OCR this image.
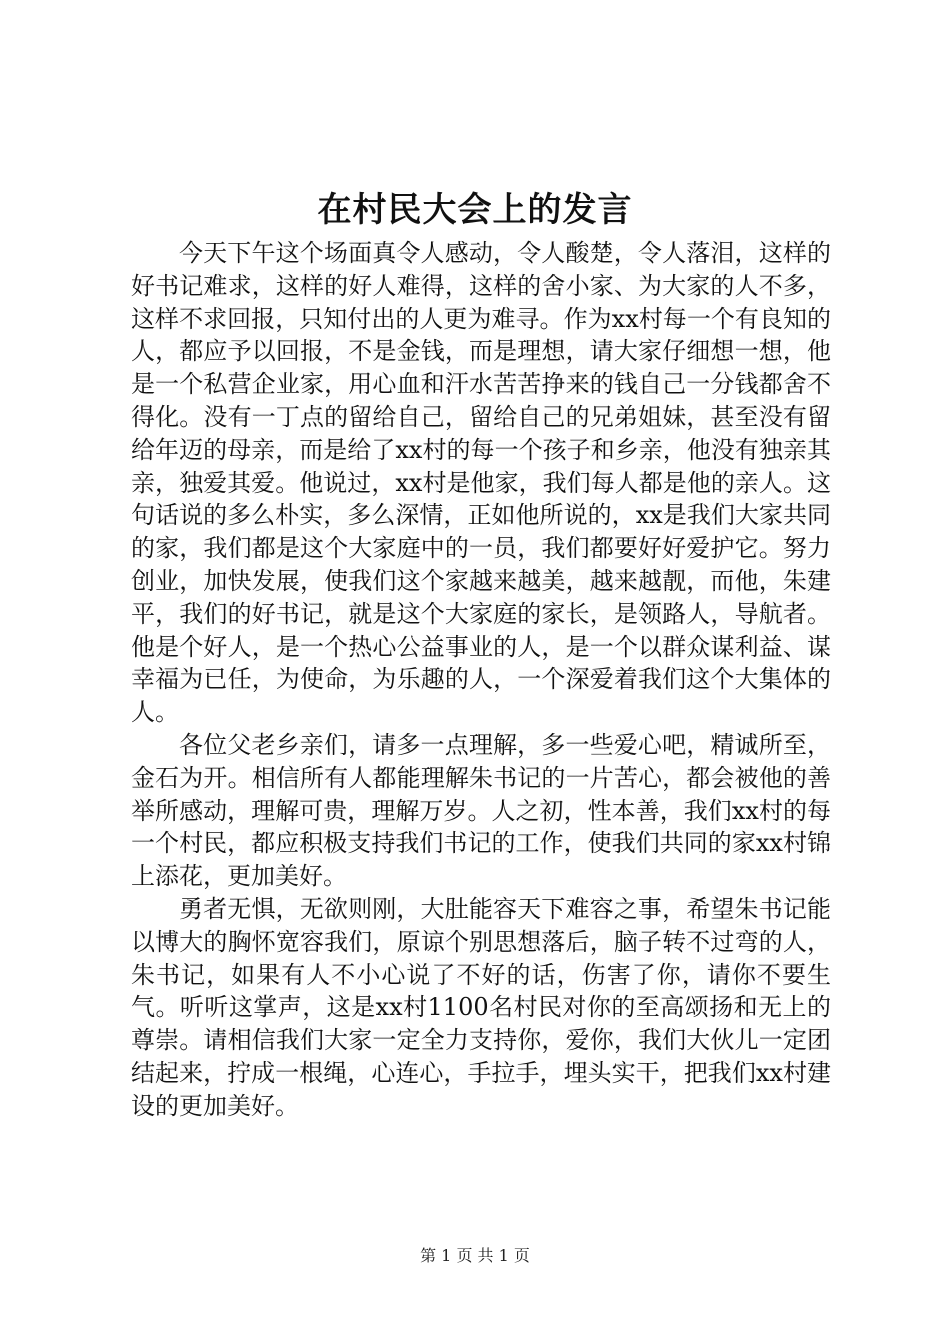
在村民大会上的发言

今天下午这个场面真令人感动，令人酸楚，令人落泪，这样的好书记难求，这样的好人难得，这样的舍小家、为大家的人不多，这样不求回报，只知付出的人更为难寻。作为xx村每一个有良知的人，都应予以回报，不是金钱，而是理想，请大家仔细想一想，他是一个私营企业家，用心血和汗水苦苦挣来的钱自己一分钱都舍不得化。没有一丁点的留给自己，留给自己的兄弟姐妹，甚至没有留给年迈的母亲，而是给了xx村的每一个孩子和乡亲，他没有独亲其亲，独爱其爱。他说过，xx村是他家，我们每人都是他的亲人。这句话说的多么朴实，多么深情，正如他所说的，xx是我们大家共同的家，我们都是这个大家庭中的一员，我们都要好好爱护它。努力创业，加快发展，使我们这个家越来越美，越来越靓，而他，朱建平，我们的好书记，就是这个大家庭的家长，是领路人，导航者。他是个好人，是一个热心公益事业的人，是一个以群众谋利益、谋幸福为已任，为使命，为乐趣的人，一个深爱着我们这个大集体的人。

各位父老乡亲们，请多一点理解，多一些爱心吧，精诚所至，金石为开。相信所有人都能理解朱书记的一片苦心，都会被他的善举所感动，理解可贵，理解万岁。人之初，性本善，我们xx村的每一个村民，都应积极支持我们书记的工作，使我们共同的家xx村锦上添花，更加美好。

勇者无惧，无欲则刚，大肚能容天下难容之事，希望朱书记能以博大的胸怀宽容我们，原谅个别思想落后，脑子转不过弯的人，朱书记，如果有人不小心说了不好的话，伤害了你，请你不要生气。听听这掌声，这是xx村1100名村民对你的至高颂扬和无上的尊崇。请相信我们大家一定全力支持你，爱你，我们大伙儿一定团结起来，拧成一根绳，心连心，手拉手，埋头实干，把我们xx村建设的更加美好。

第 1 页 共 1 页
